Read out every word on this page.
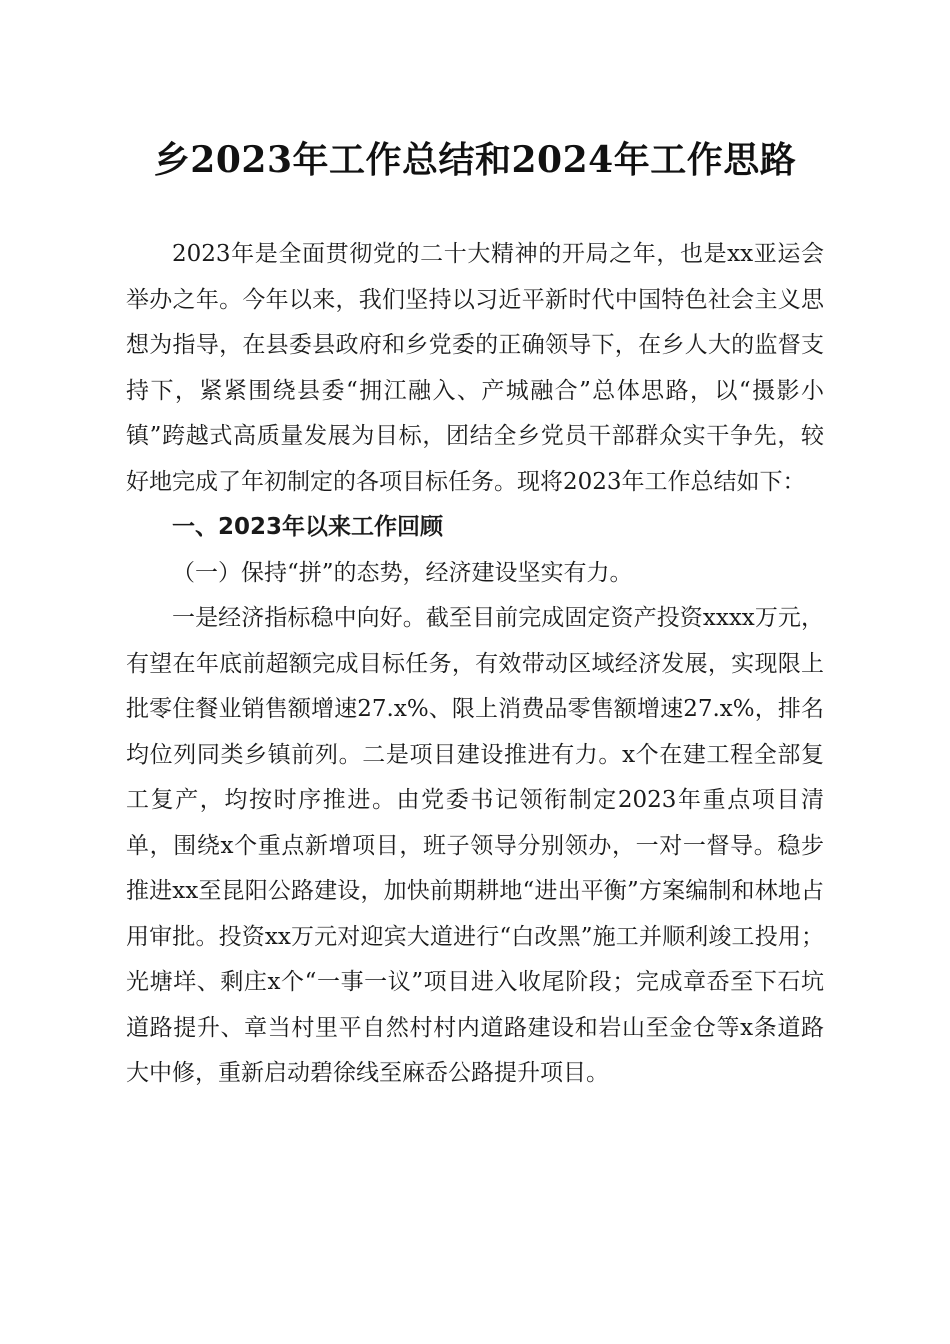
乡2023年工作总结和2024年工作思路

2023年是全面贯彻党的二十大精神的开局之年，也是xx亚运会举办之年。今年以来，我们坚持以习近平新时代中国特色社会主义思想为指导，在县委县政府和乡党委的正确领导下，在乡人大的监督支持下，紧紧围绕县委“拥江融入、产城融合”总体思路，以“摄影小镇”跨越式高质量发展为目标，团结全乡党员干部群众实干争先，较好地完成了年初制定的各项目标任务。现将2023年工作总结如下：

一、2023年以来工作回顾

（一）保持“拼”的态势，经济建设坚实有力。

一是经济指标稳中向好。截至目前完成固定资产投资xxxx万元，有望在年底前超额完成目标任务，有效带动区域经济发展，实现限上批零住餐业销售额增速27.x%、限上消费品零售额增速27.x%，排名均位列同类乡镇前列。二是项目建设推进有力。x个在建工程全部复工复产，均按时序推进。由党委书记领衔制定2023年重点项目清单，围绕x个重点新增项目，班子领导分别领办，一对一督导。稳步推进xx至昆阳公路建设，加快前期耕地“进出平衡”方案编制和林地占用审批。投资xx万元对迎宾大道进行“白改黑”施工并顺利竣工投用；光塘垟、剩庄x个“一事一议”项目进入收尾阶段；完成章岙至下石坑道路提升、章当村里平自然村村内道路建设和岩山至金仓等x条道路大中修，重新启动碧徐线至麻岙公路提升项目。
